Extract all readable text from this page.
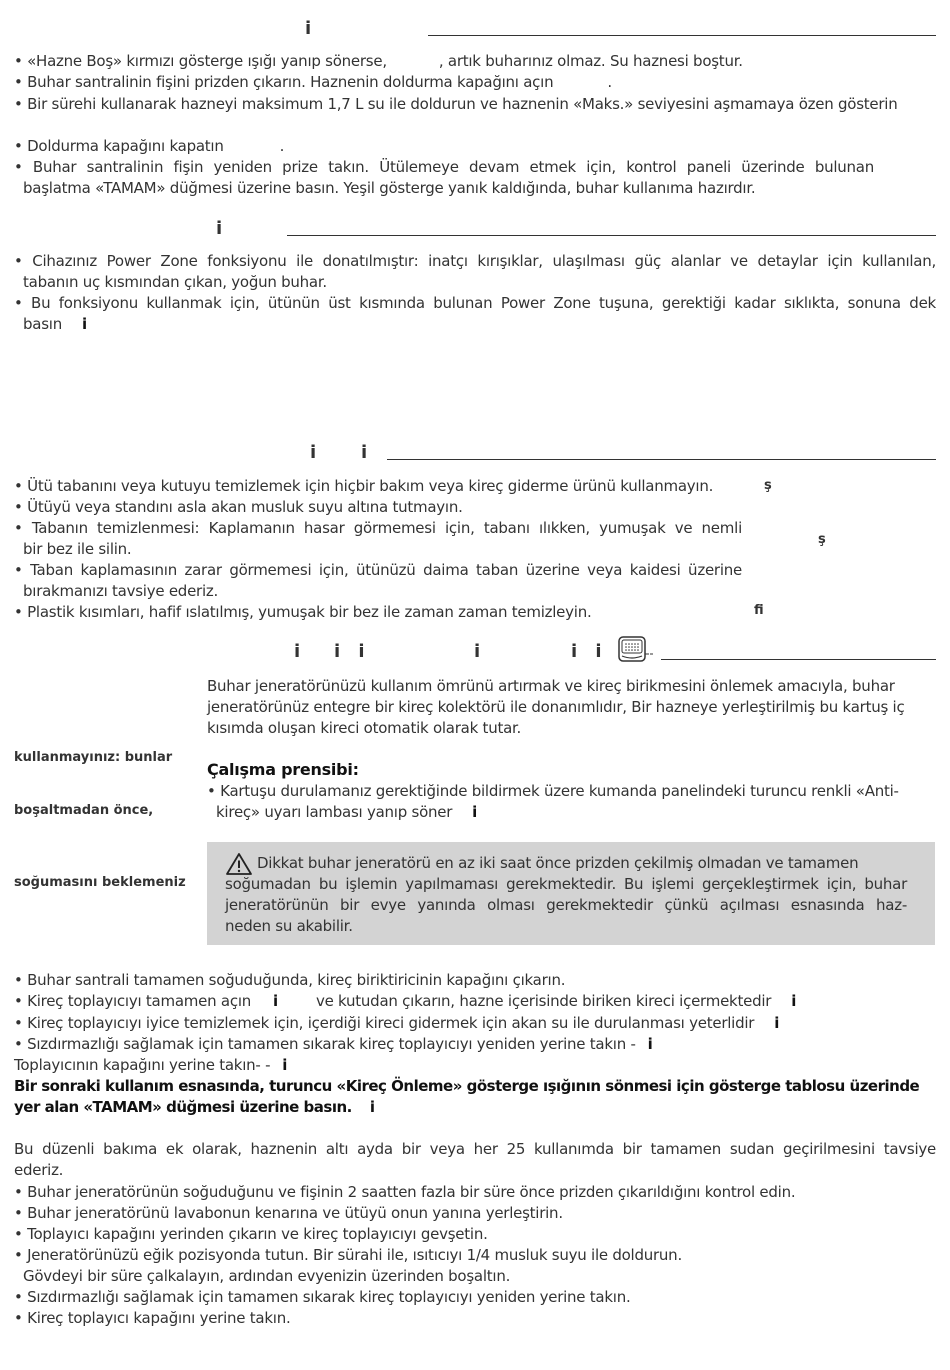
i
• «Hazne Boş» kırmızı gösterge ışığı yanıp sönerse,	, artık buharınız olmaz. Su haznesi boştur.
• Buhar santralinin fişini prizden çıkarın. Haznenin doldurma kapağını açın	.
• Bir sürehi kullanarak hazneyi maksimum 1,7 L su ile doldurun ve haznenin «Maks.» seviyesini aşmamaya özen gösterin
• Doldurma kapağını kapatın	.
• Buhar santralinin fişin yeniden prize takın. Ütülemeye devam etmek için, kontrol paneli üzerinde bulunan
başlatma «TAMAM» düğmesi üzerine basın. Yeşil gösterge yanık kaldığında, buhar kullanıma hazırdır.
i
• Cihazınız Power Zone fonksiyonu ile donatılmıştır: inatçı kırışıklar, ulaşılması güç alanlar ve detaylar için kullanılan,
tabanın uç kısmından çıkan, yoğun buhar.
• Bu fonksiyonu kullanmak için, ütünün üst kısmında bulunan Power Zone tuşuna, gerektiği kadar sıklıkta, sonuna dek
basın i
i i
• Ütü tabanını veya kutuyu temizlemek için hiçbir bakım veya kireç giderme ürünü kullanmayın.
• Ütüyü veya standını asla akan musluk suyu altına tutmayın.
• Tabanın temizlenmesi: Kaplamanın hasar görmemesi için, tabanı ılıkken, yumuşak ve nemli
bir bez ile silin.
• Taban kaplamasının zarar görmemesi için, ütünüzü daima taban üzerine veya kaidesi üzerine
bırakmanızı tavsiye ederiz.
• Plastik kısımları, hafif ıslatılmış, yumuşak bir bez ile zaman zaman temizleyin.
ş
ş
fi
i i i	i	i i
Buhar jeneratörünüzü kullanım ömrünü artırmak ve kireç birikmesini önlemek amacıyla, buhar
jeneratörünüz entegre bir kireç kolektörü ile donanımlıdır, Bir hazneye yerleştirilmiş bu kartuş iç
kısımda oluşan kireci otomatik olarak tutar.
kullanmayınız: bunlar
boşaltmadan önce,
soğumasını beklemeniz
Çalışma prensibi:
• Kartuşu durulamanız gerektiğinde bildirmek üzere kumanda panelindeki turuncu renkli «Anti-
kireç» uyarı lambası yanıp söner i
Dikkat buhar jeneratörü en az iki saat önce prizden çekilmiş olmadan ve tamamen
soğumadan bu işlemin yapılmaması gerekmektedir. Bu işlemi gerçekleştirmek için, buhar
jeneratörünün bir evye yanında olması gerekmektedir çünkü açılması esnasında haz-
neden su akabilir.
• Buhar santrali tamamen soğuduğunda, kireç biriktiricinin kapağını çıkarın.
• Kireç toplayıcıyı tamamen açın i	ve kutudan çıkarın, hazne içerisinde biriken kireci içermektedir i
• Kireç toplayıcıyı iyice temizlemek için, içerdiği kireci gidermek için akan su ile durulanması yeterlidir i
• Sızdırmazlığı sağlamak için tamamen sıkarak kireç toplayıcıyı yeniden yerine takın - i
Toplayıcının kapağını yerine takın- - i
Bir sonraki kullanım esnasında, turuncu «Kireç Önleme» gösterge ışığının sönmesi için gösterge tablosu üzerinde
yer alan «TAMAM» düğmesi üzerine basın. i
Bu düzenli bakıma ek olarak, haznenin altı ayda bir veya her 25 kullanımda bir tamamen sudan geçirilmesini tavsiye
ederiz.
• Buhar jeneratörünün soğuduğunu ve fişinin 2 saatten fazla bir süre önce prizden çıkarıldığını kontrol edin.
• Buhar jeneratörünü lavabonun kenarına ve ütüyü onun yanına yerleştirin.
• Toplayıcı kapağını yerinden çıkarın ve kireç toplayıcıyı gevşetin.
• Jeneratörünüzü eğik pozisyonda tutun. Bir sürahi ile, ısıtıcıyı 1/4 musluk suyu ile doldurun.
Gövdeyi bir süre çalkalayın, ardından evyenizin üzerinden boşaltın.
• Sızdırmazlığı sağlamak için tamamen sıkarak kireç toplayıcıyı yeniden yerine takın.
• Kireç toplayıcı kapağını yerine takın.
